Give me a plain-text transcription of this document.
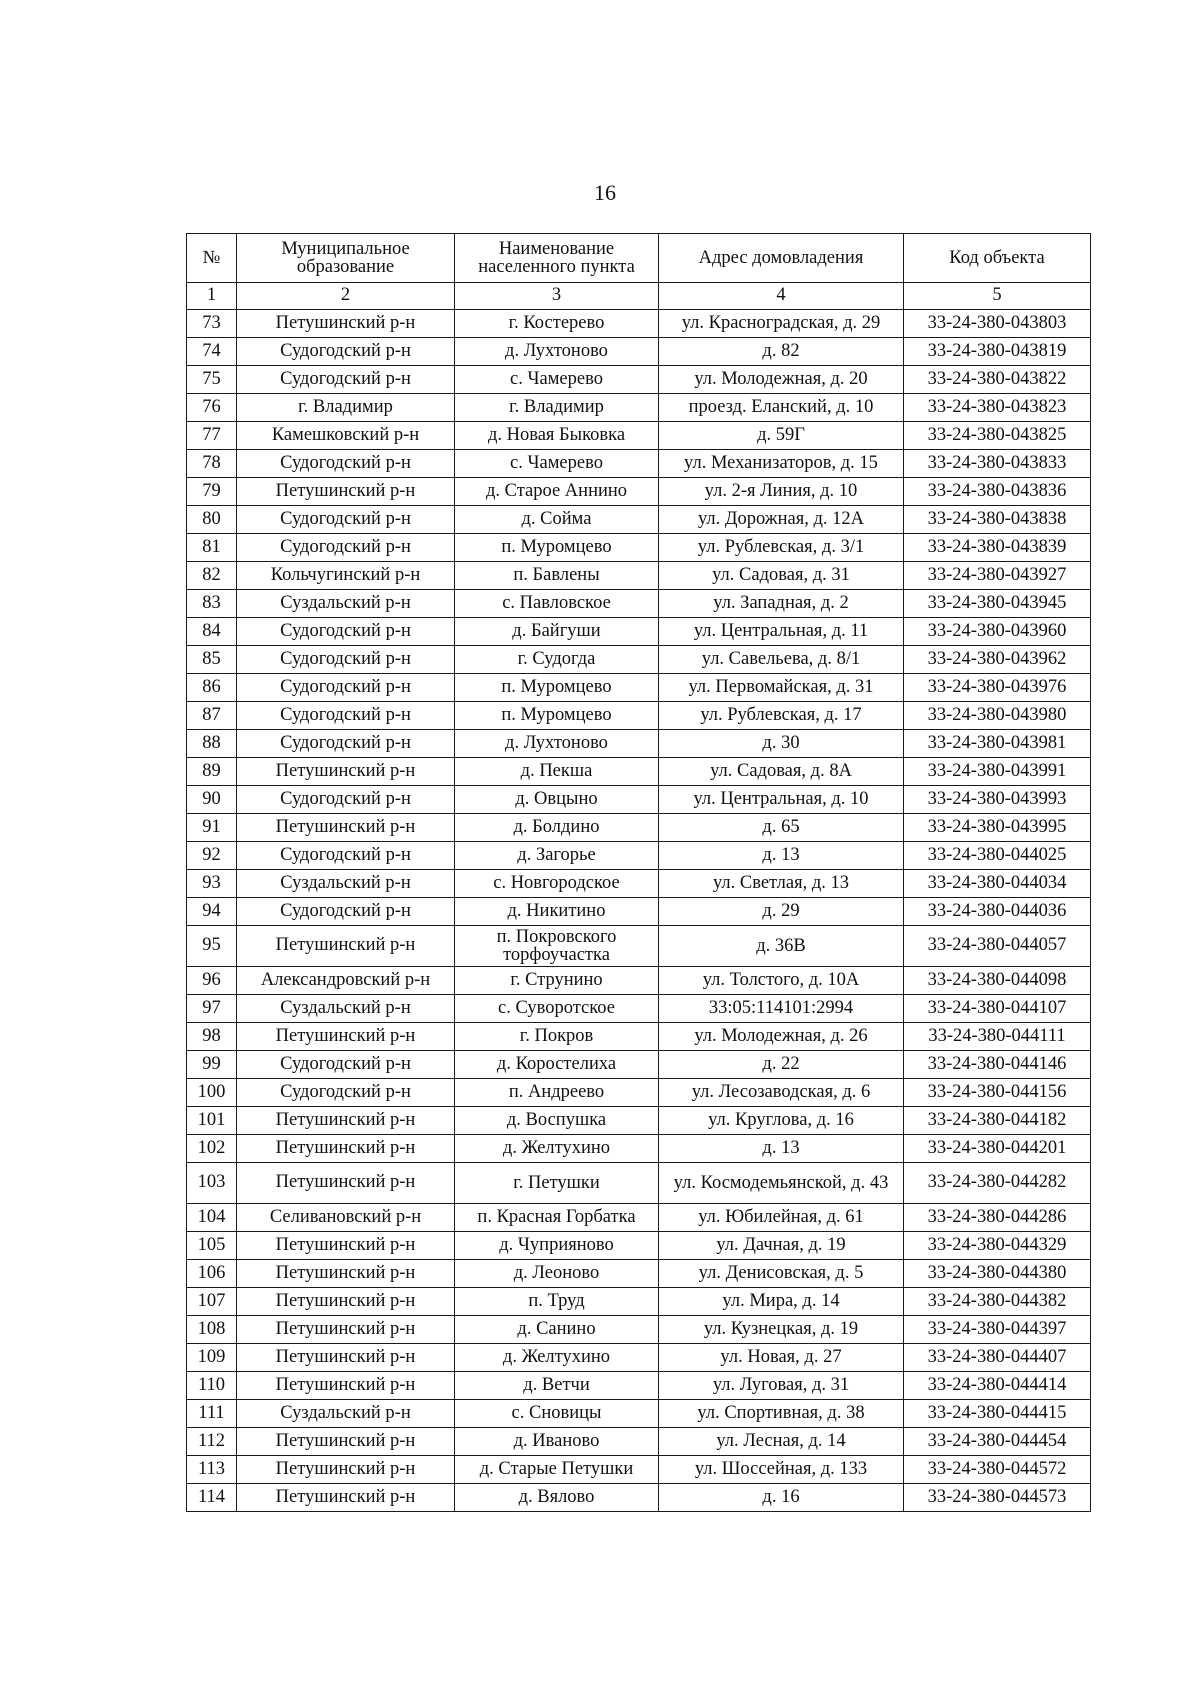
16
№	Муниципальное образование	Наименование населенного пункта	Адрес домовладения	Код объекта
1	2	3	4	5
73	Петушинский р-н	г. Костерево	ул. Красноградская, д. 29	33-24-380-043803
74	Судогодский р-н	д. Лухтоново	д. 82	33-24-380-043819
75	Судогодский р-н	с. Чамерево	ул. Молодежная, д. 20	33-24-380-043822
76	г. Владимир	г. Владимир	проезд. Еланский, д. 10	33-24-380-043823
77	Камешковский р-н	д. Новая Быковка	д. 59Г	33-24-380-043825
78	Судогодский р-н	с. Чамерево	ул. Механизаторов, д. 15	33-24-380-043833
79	Петушинский р-н	д. Старое Аннино	ул. 2-я Линия, д. 10	33-24-380-043836
80	Судогодский р-н	д. Сойма	ул. Дорожная, д. 12А	33-24-380-043838
81	Судогодский р-н	п. Муромцево	ул. Рублевская, д. 3/1	33-24-380-043839
82	Кольчугинский р-н	п. Бавлены	ул. Садовая, д. 31	33-24-380-043927
83	Суздальский р-н	с. Павловское	ул. Западная, д. 2	33-24-380-043945
84	Судогодский р-н	д. Байгуши	ул. Центральная, д. 11	33-24-380-043960
85	Судогодский р-н	г. Судогда	ул. Савельева, д. 8/1	33-24-380-043962
86	Судогодский р-н	п. Муромцево	ул. Первомайская, д. 31	33-24-380-043976
87	Судогодский р-н	п. Муромцево	ул. Рублевская, д. 17	33-24-380-043980
88	Судогодский р-н	д. Лухтоново	д. 30	33-24-380-043981
89	Петушинский р-н	д. Пекша	ул. Садовая, д. 8А	33-24-380-043991
90	Судогодский р-н	д. Овцыно	ул. Центральная, д. 10	33-24-380-043993
91	Петушинский р-н	д. Болдино	д. 65	33-24-380-043995
92	Судогодский р-н	д. Загорье	д. 13	33-24-380-044025
93	Суздальский р-н	с. Новгородское	ул. Светлая, д. 13	33-24-380-044034
94	Судогодский р-н	д. Никитино	д. 29	33-24-380-044036
95	Петушинский р-н	п. Покровского торфоучастка	д. 36В	33-24-380-044057
96	Александровский р-н	г. Струнино	ул. Толстого, д. 10А	33-24-380-044098
97	Суздальский р-н	с. Суворотское	33:05:114101:2994	33-24-380-044107
98	Петушинский р-н	г. Покров	ул. Молодежная, д. 26	33-24-380-044111
99	Судогодский р-н	д. Коростелиха	д. 22	33-24-380-044146
100	Судогодский р-н	п. Андреево	ул. Лесозаводская, д. 6	33-24-380-044156
101	Петушинский р-н	д. Воспушка	ул. Круглова, д. 16	33-24-380-044182
102	Петушинский р-н	д. Желтухино	д. 13	33-24-380-044201
103	Петушинский р-н	г. Петушки	ул. Космодемьянской, д. 43	33-24-380-044282
104	Селивановский р-н	п. Красная Горбатка	ул. Юбилейная, д. 61	33-24-380-044286
105	Петушинский р-н	д. Чуприяново	ул. Дачная, д. 19	33-24-380-044329
106	Петушинский р-н	д. Леоново	ул. Денисовская, д. 5	33-24-380-044380
107	Петушинский р-н	п. Труд	ул. Мира, д. 14	33-24-380-044382
108	Петушинский р-н	д. Санино	ул. Кузнецкая, д. 19	33-24-380-044397
109	Петушинский р-н	д. Желтухино	ул. Новая, д. 27	33-24-380-044407
110	Петушинский р-н	д. Ветчи	ул. Луговая, д. 31	33-24-380-044414
111	Суздальский р-н	с. Сновицы	ул. Спортивная, д. 38	33-24-380-044415
112	Петушинский р-н	д. Иваново	ул. Лесная, д. 14	33-24-380-044454
113	Петушинский р-н	д. Старые Петушки	ул. Шоссейная, д. 133	33-24-380-044572
114	Петушинский р-н	д. Вялово	д. 16	33-24-380-044573
